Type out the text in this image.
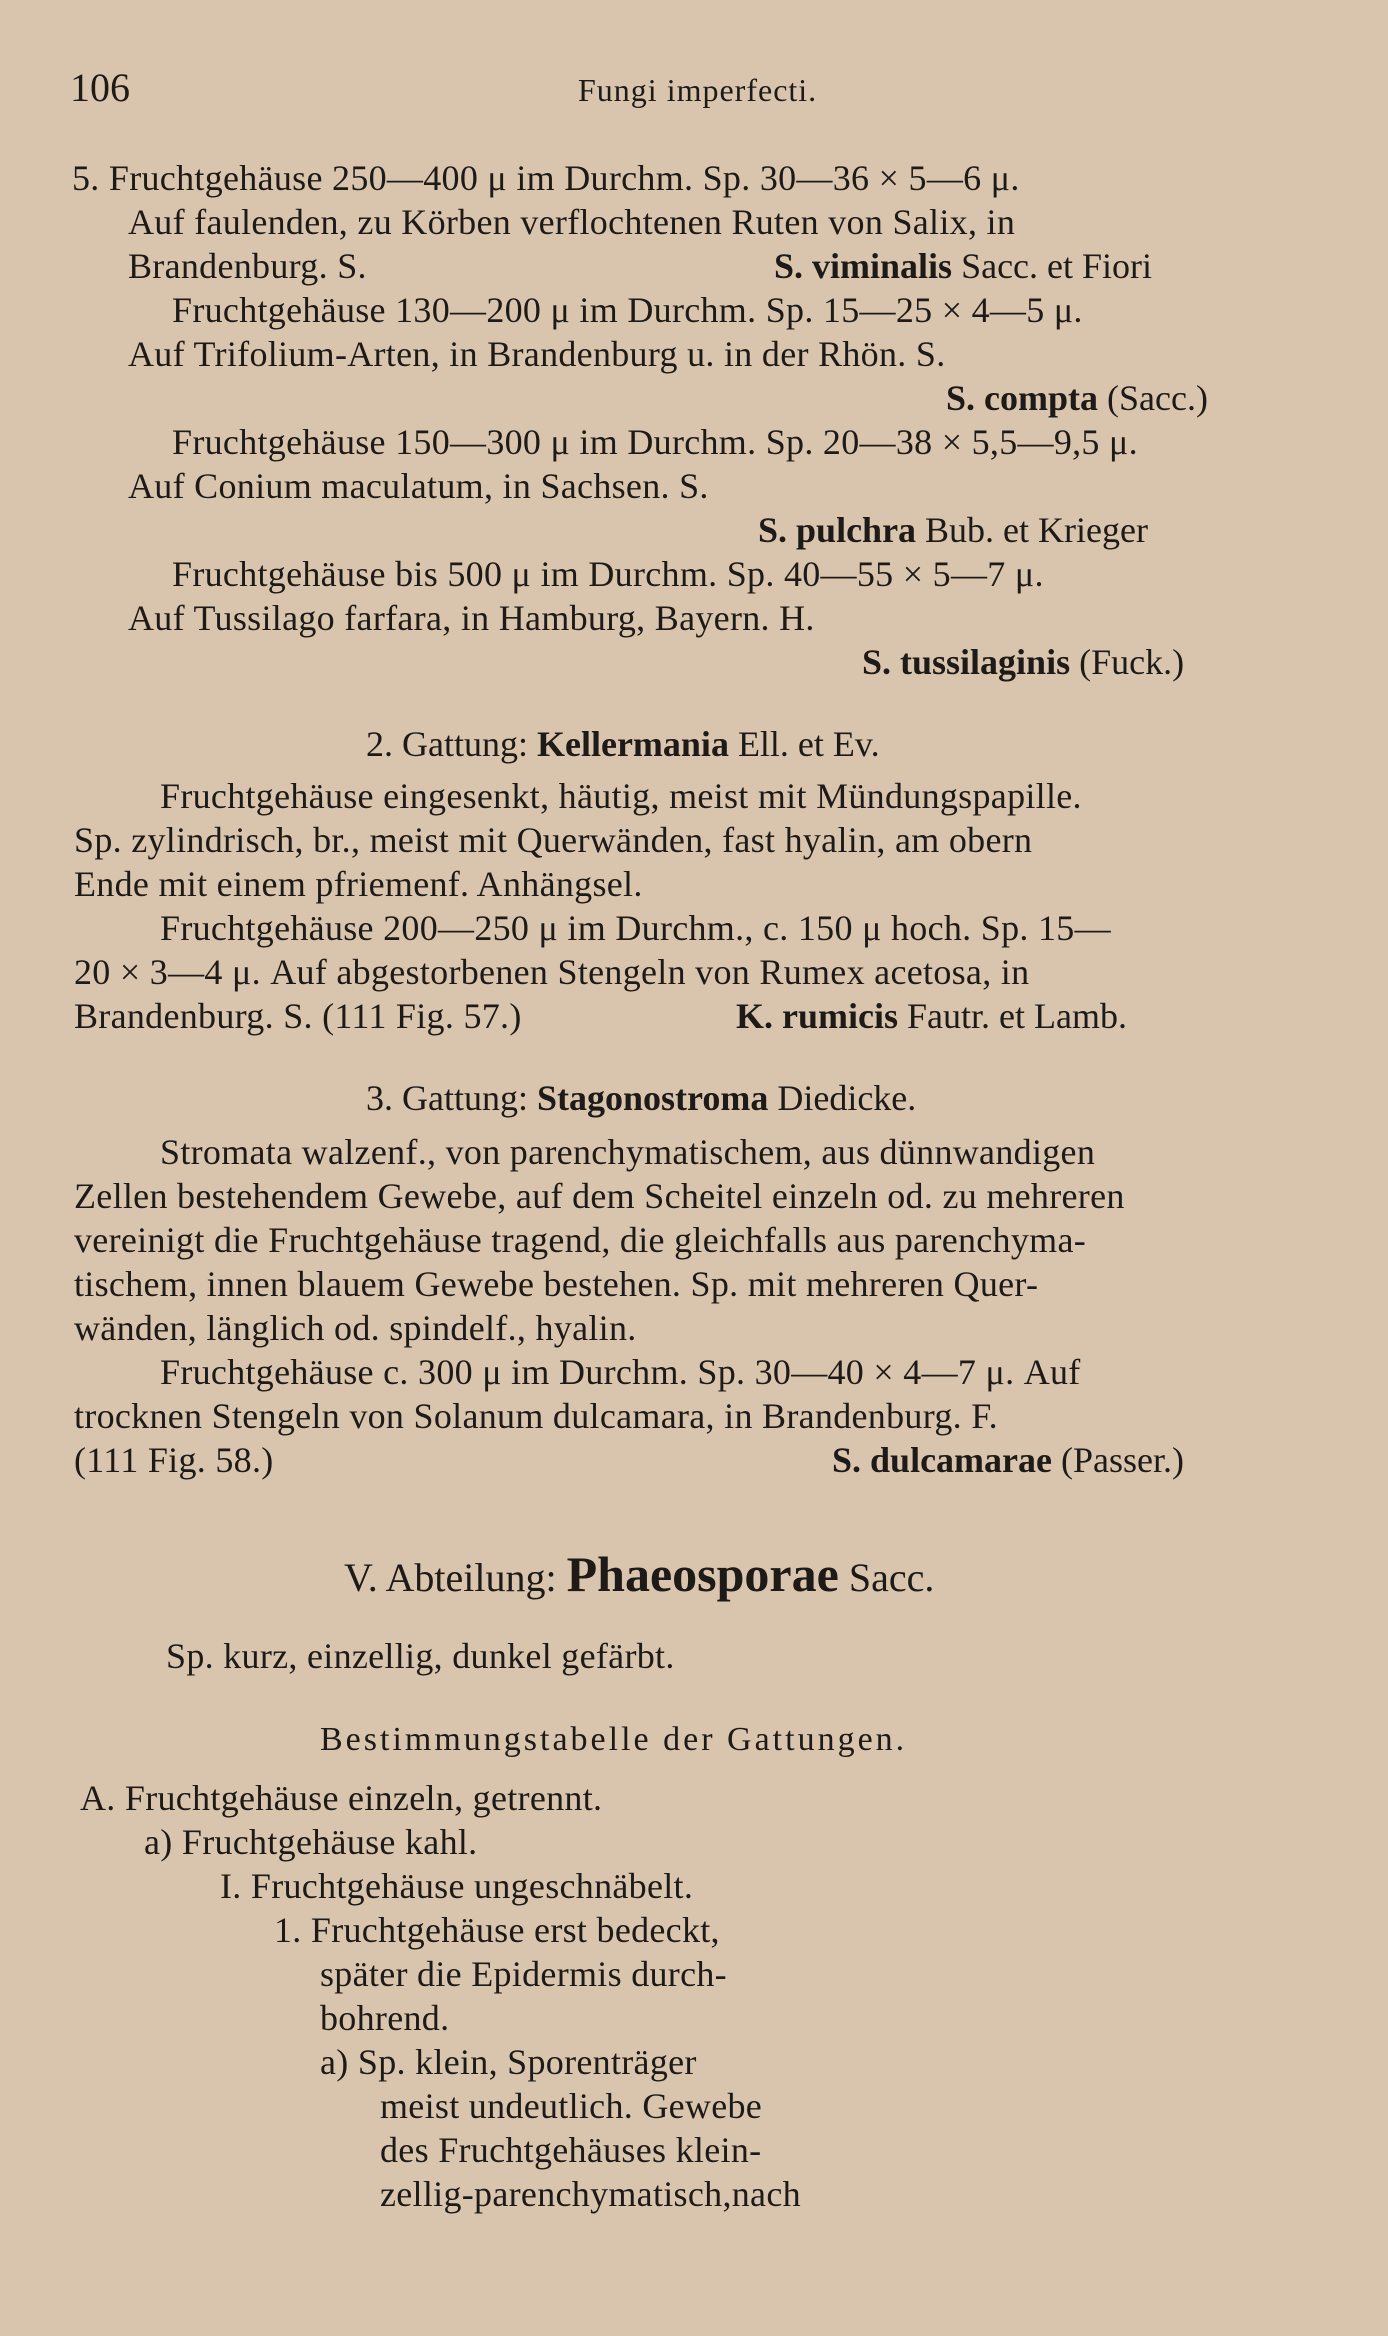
106	Fungi imperfecti.
5. Fruchtgehäuse 250—400 μ im Durchm. Sp. 30—36 × 5—6 μ.
Auf faulenden, zu Körben verflochtenen Ruten von Salix, in
Brandenburg. S.	S. viminalis Sacc. et Fiori
Fruchtgehäuse 130—200 μ im Durchm. Sp. 15—25 × 4—5 μ.
Auf Trifolium-Arten, in Brandenburg u. in der Rhön. S.
S. compta (Sacc.)
Fruchtgehäuse 150—300 μ im Durchm. Sp. 20—38 × 5,5—9,5 μ.
Auf Conium maculatum, in Sachsen. S.
S. pulchra Bub. et Krieger
Fruchtgehäuse bis 500 μ im Durchm. Sp. 40—55 × 5—7 μ.
Auf Tussilago farfara, in Hamburg, Bayern. H.
S. tussilaginis (Fuck.)
2. Gattung: Kellermania Ell. et Ev.
Fruchtgehäuse eingesenkt, häutig, meist mit Mündungspapille.
Sp. zylindrisch, br., meist mit Querwänden, fast hyalin, am obern
Ende mit einem pfriemenf. Anhängsel.
Fruchtgehäuse 200—250 μ im Durchm., c. 150 μ hoch. Sp. 15—
20 × 3—4 μ. Auf abgestorbenen Stengeln von Rumex acetosa, in
Brandenburg. S. (111 Fig. 57.)	K. rumicis Fautr. et Lamb.
3. Gattung: Stagonostroma Diedicke.
Stromata walzenf., von parenchymatischem, aus dünnwandigen
Zellen bestehendem Gewebe, auf dem Scheitel einzeln od. zu mehreren
vereinigt die Fruchtgehäuse tragend, die gleichfalls aus parenchyma-
tischem, innen blauem Gewebe bestehen. Sp. mit mehreren Quer-
wänden, länglich od. spindelf., hyalin.
Fruchtgehäuse c. 300 μ im Durchm. Sp. 30—40 × 4—7 μ. Auf
trocknen Stengeln von Solanum dulcamara, in Brandenburg. F.
(111 Fig. 58.)	S. dulcamarae (Passer.)
V. Abteilung: Phaeosporae Sacc.
Sp. kurz, einzellig, dunkel gefärbt.
Bestimmungstabelle der Gattungen.
A. Fruchtgehäuse einzeln, getrennt.
a) Fruchtgehäuse kahl.
I. Fruchtgehäuse ungeschnäbelt.
1. Fruchtgehäuse erst bedeckt,
später die Epidermis durch-
bohrend.
a) Sp. klein, Sporenträger
meist undeutlich. Gewebe
des Fruchtgehäuses klein-
zellig-parenchymatisch,nach
